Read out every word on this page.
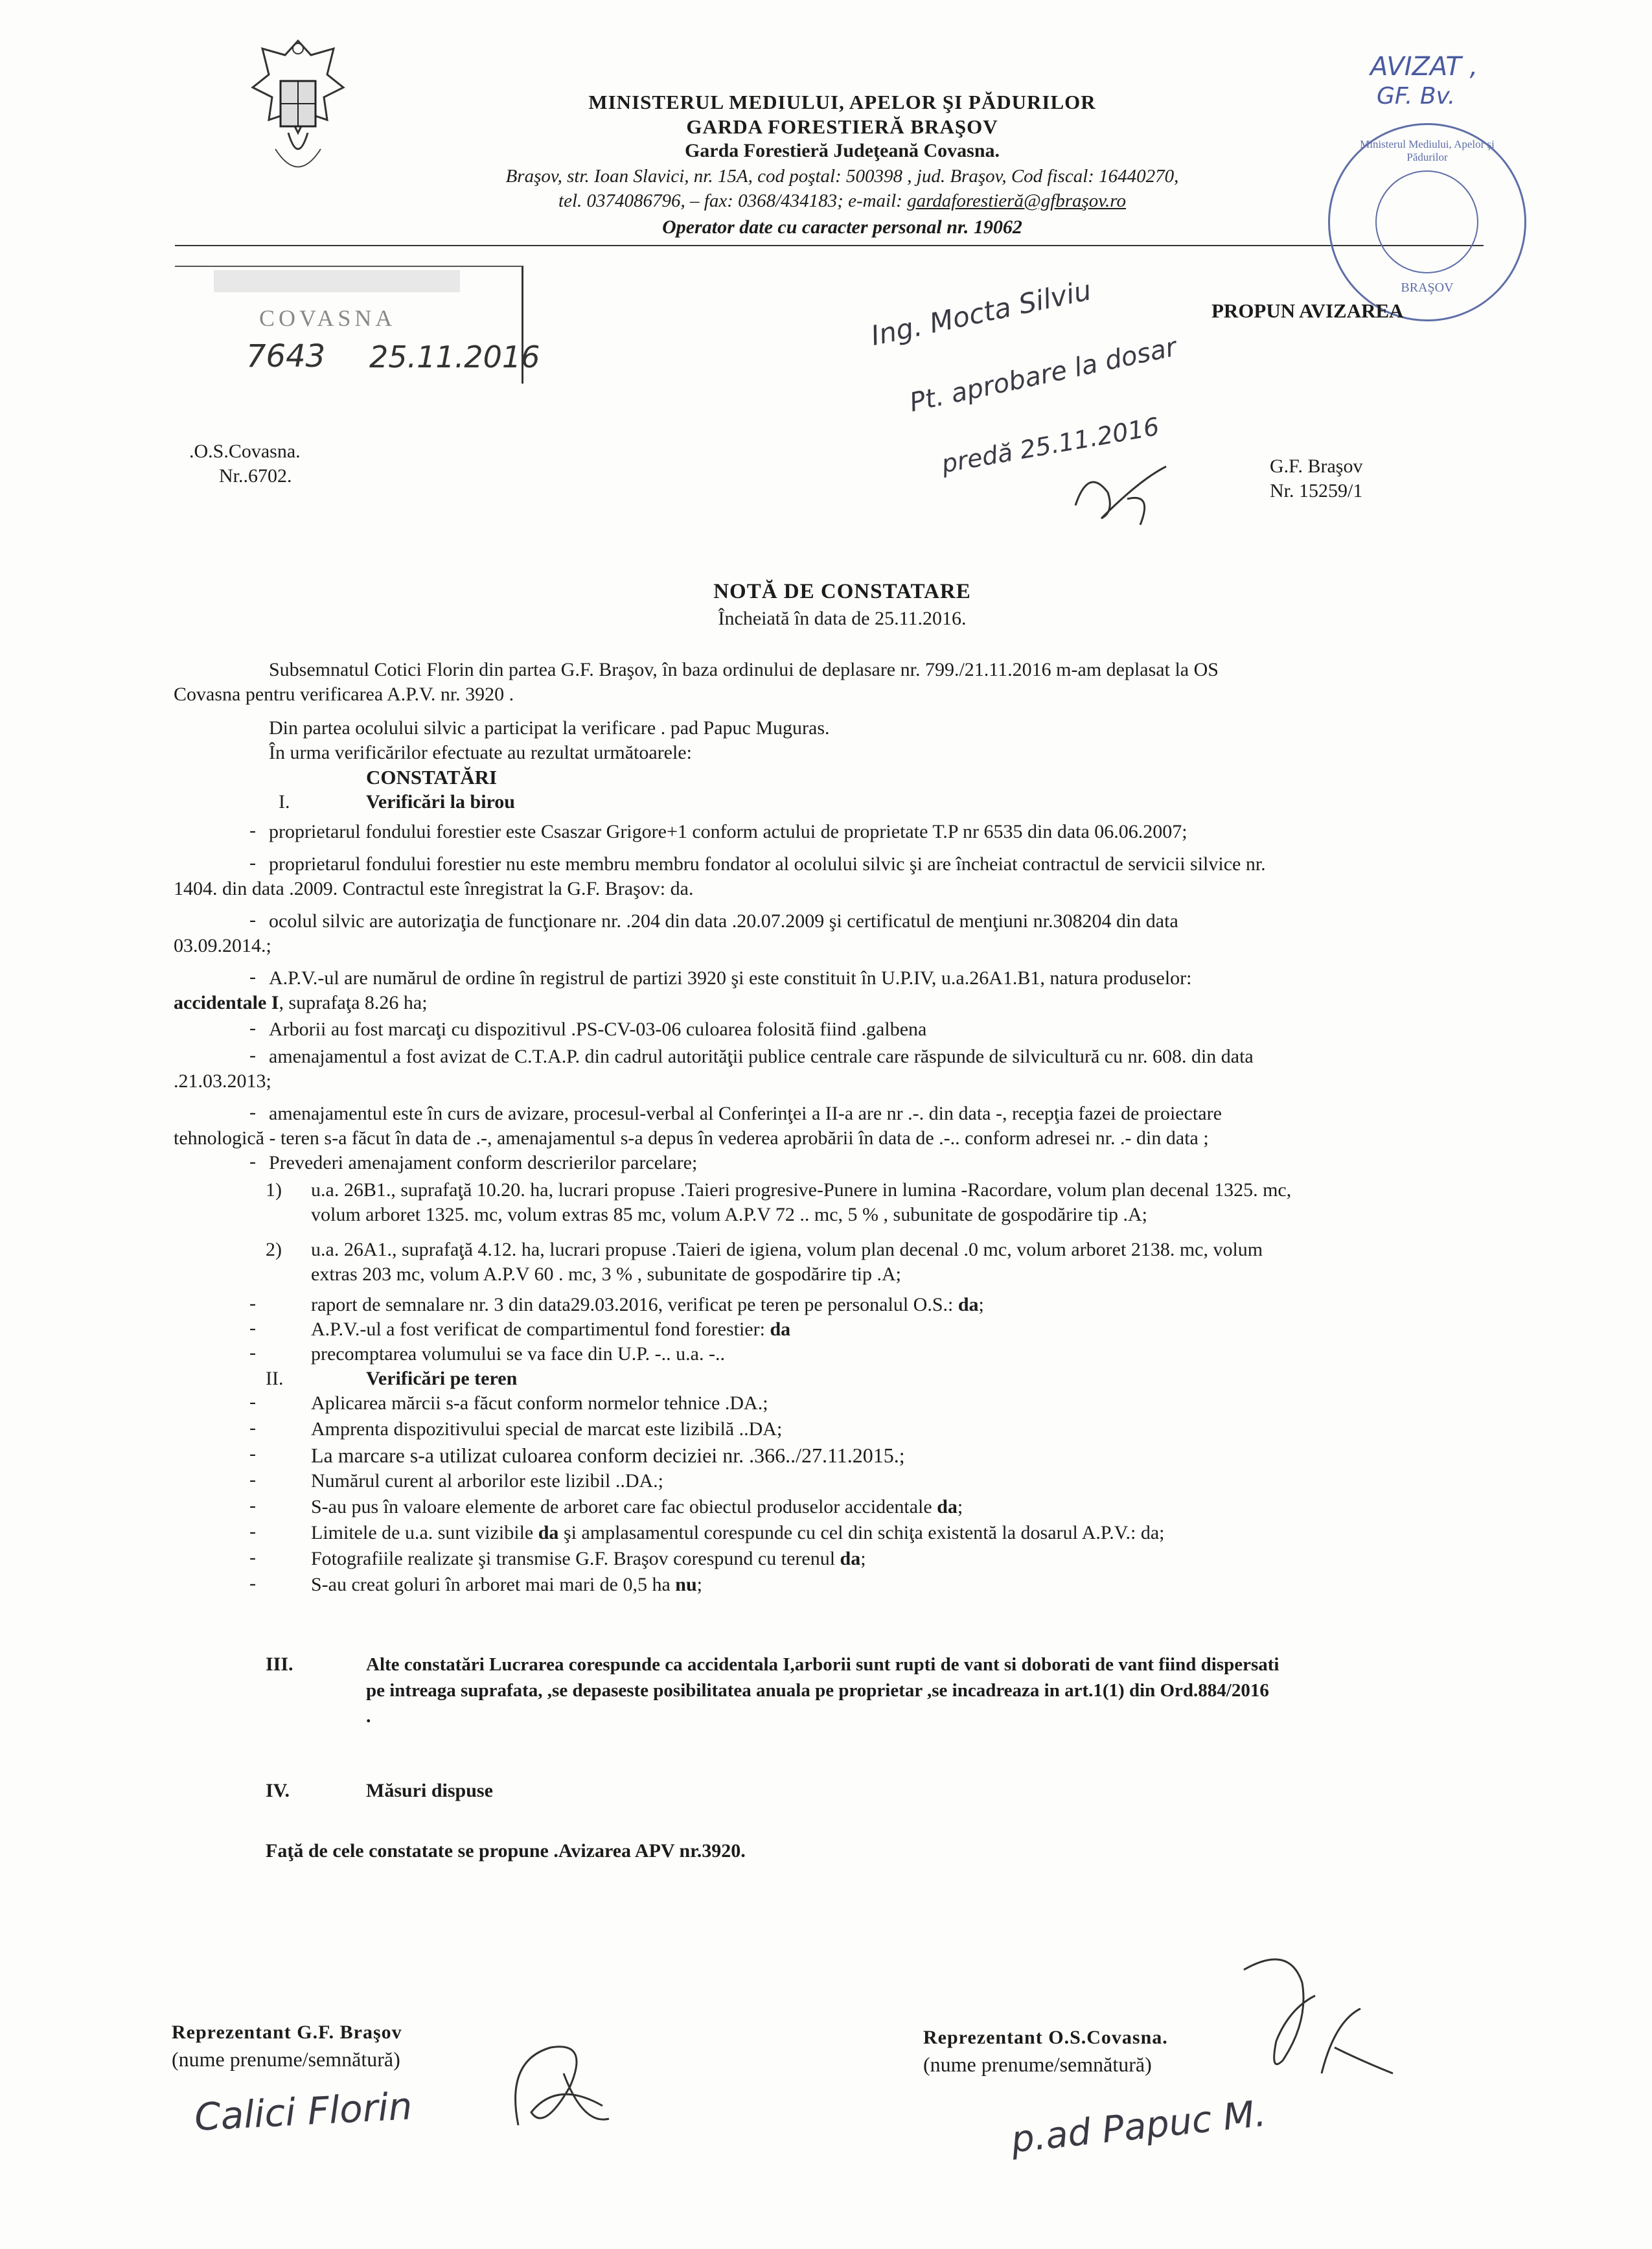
MINISTERUL MEDIULUI, APELOR ŞI PĂDURILOR
GARDA FORESTIERĂ BRAŞOV
Garda Forestieră Judeţeană Covasna.
Braşov, str. Ioan Slavici, nr. 15A, cod poştal: 500398 , jud. Braşov, Cod fiscal: 16440270,
tel. 0374086796, – fax: 0368/434183; e-mail: gardaforestieră@gfbraşov.ro
Operator date cu caracter personal nr. 19062
AVIZAT ,
GF. Bv.
Ministerul Mediului, Apelor şi Pădurilor
BRAŞOV
PROPUN AVIZAREA
COVASNA
7643 25.11.2016
Ing. Mocta Silviu
Pt. aprobare la dosar
predă 25.11.2016
.O.S.Covasna.
Nr..6702.	G.F. Braşov
Nr. 15259/1
NOTĂ DE CONSTATARE
Încheiată în data de 25.11.2016.
Subsemnatul Cotici Florin din partea G.F. Braşov, în baza ordinului de deplasare nr. 799./21.11.2016 m-am deplasat la OS
Covasna pentru verificarea A.P.V. nr. 3920 .
Din partea ocolului silvic a participat la verificare . pad Papuc Muguras.
În urma verificărilor efectuate au rezultat următoarele:
CONSTATĂRI
I.	Verificări la birou
- proprietarul fondului forestier este Csaszar Grigore+1 conform actului de proprietate T.P nr 6535 din data 06.06.2007;
- proprietarul fondului forestier nu este membru membru fondator al ocolului silvic şi are încheiat contractul de servicii silvice nr.
1404. din data .2009. Contractul este înregistrat la G.F. Braşov: da.
- ocolul silvic are autorizaţia de funcţionare nr. .204 din data .20.07.2009 şi certificatul de menţiuni nr.308204 din data
03.09.2014.;
- A.P.V.-ul are numărul de ordine în registrul de partizi 3920 şi este constituit în U.P.IV, u.a.26A1.B1, natura produselor:
accidentale I, suprafaţa 8.26 ha;
- Arborii au fost marcaţi cu dispozitivul .PS-CV-03-06 culoarea folosită fiind .galbena
- amenajamentul a fost avizat de C.T.A.P. din cadrul autorităţii publice centrale care răspunde de silvicultură cu nr. 608. din data
.21.03.2013;
- amenajamentul este în curs de avizare, procesul-verbal al Conferinţei a II-a are nr .-. din data -, recepţia fazei de proiectare
tehnologică - teren s-a făcut în data de .-, amenajamentul s-a depus în vederea aprobării în data de .-.. conform adresei nr. .- din data ;
- Prevederi amenajament conform descrierilor parcelare;
1) u.a. 26B1., suprafaţă 10.20. ha, lucrari propuse .Taieri progresive-Punere in lumina -Racordare, volum plan decenal 1325. mc,
volum arboret 1325. mc, volum extras 85 mc, volum A.P.V 72 .. mc, 5 % , subunitate de gospodărire tip .A;
2) u.a. 26A1., suprafaţă 4.12. ha, lucrari propuse .Taieri de igiena, volum plan decenal .0 mc, volum arboret 2138. mc, volum
extras 203 mc, volum A.P.V 60 . mc, 3 % , subunitate de gospodărire tip .A;
-	raport de semnalare nr. 3 din data29.03.2016, verificat pe teren pe personalul O.S.: da;
-	A.P.V.-ul a fost verificat de compartimentul fond forestier: da
-	precomptarea volumului se va face din U.P. -.. u.a. -..
II.	Verificări pe teren
-	Aplicarea mărcii s-a făcut conform normelor tehnice .DA.;
-	Amprenta dispozitivului special de marcat este lizibilă ..DA;
-	La marcare s-a utilizat culoarea conform deciziei nr. .366../27.11.2015.;
-	Numărul curent al arborilor este lizibil ..DA.;
-	S-au pus în valoare elemente de arboret care fac obiectul produselor accidentale da;
-	Limitele de u.a. sunt vizibile da şi amplasamentul corespunde cu cel din schiţa existentă la dosarul A.P.V.: da;
-	Fotografiile realizate şi transmise G.F. Braşov corespund cu terenul da;
-	S-au creat goluri în arboret mai mari de 0,5 ha nu;
III.	Alte constatări Lucrarea corespunde ca accidentala I,arborii sunt rupti de vant si doborati de vant fiind dispersati
pe intreaga suprafata, ,se depaseste posibilitatea anuala pe proprietar ,se incadreaza in art.1(1) din Ord.884/2016
.
IV.	Măsuri dispuse
Faţă de cele constatate se propune .Avizarea APV nr.3920.
Reprezentant G.F. Braşov
(nume prenume/semnătură)
Calici Florin
Reprezentant O.S.Covasna.
(nume prenume/semnătură)
p.ad Papuc M.
